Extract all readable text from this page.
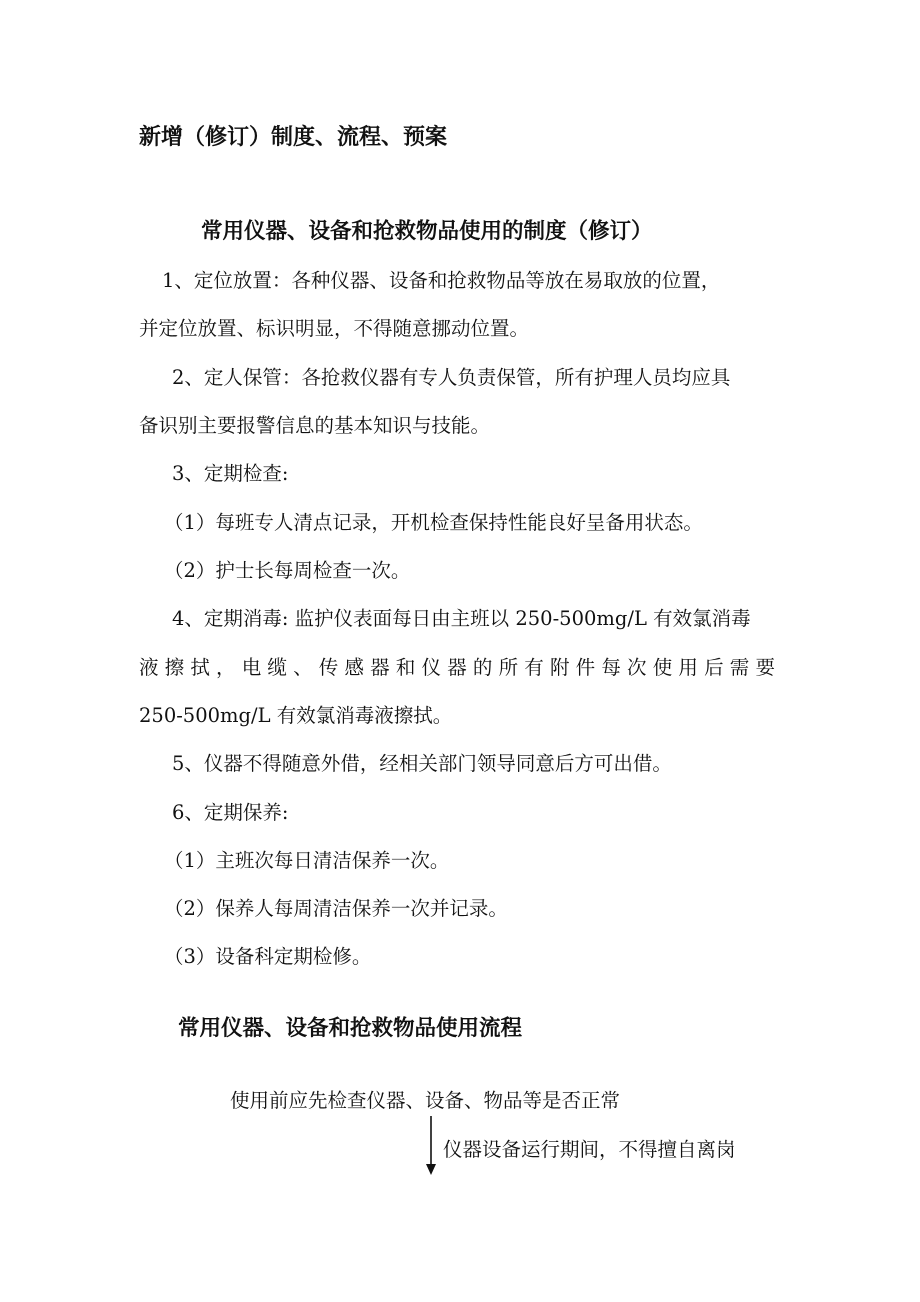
新增（修订）制度、流程、预案
常用仪器、设备和抢救物品使用的制度（修订）
1、定位放置：各种仪器、设备和抢救物品等放在易取放的位置，
并定位放置、标识明显，不得随意挪动位置。
2、定人保管：各抢救仪器有专人负责保管，所有护理人员均应具
备识别主要报警信息的基本知识与技能。
3、定期检查:
（1）每班专人清点记录，开机检查保持性能良好呈备用状态。
（2）护士长每周检查一次。
4、定期消毒: 监护仪表面每日由主班以 250-500mg/L 有效氯消毒
液擦拭，电缆、传感器和仪器的所有附件每次使用后需要
250-500mg/L 有效氯消毒液擦拭。
5、仪器不得随意外借，经相关部门领导同意后方可出借。
6、定期保养:
（1）主班次每日清洁保养一次。
（2）保养人每周清洁保养一次并记录。
（3）设备科定期检修。
常用仪器、设备和抢救物品使用流程
使用前应先检查仪器、设备、物品等是否正常
仪器设备运行期间，不得擅自离岗
